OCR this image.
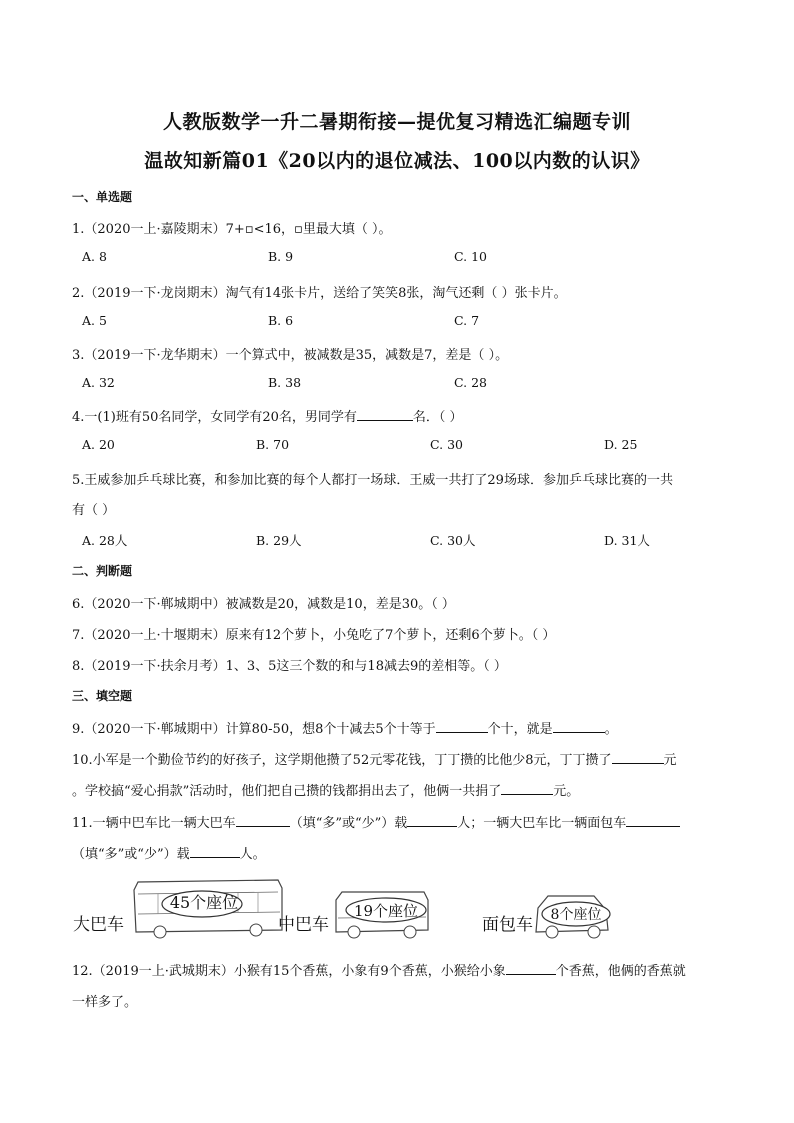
人教版数学一升二暑期衔接—提优复习精选汇编题专训
温故知新篇01《20以内的退位减法、100以内数的认识》
一、单选题
1.（2020一上·嘉陵期末）7+▫<16，▫里最大填（ ）。
A. 8	B. 9	C. 10
2.（2019一下·龙岗期末）淘气有14张卡片，送给了笑笑8张，淘气还剩（ ）张卡片。
A. 5	B. 6	C. 7
3.（2019一下·龙华期末）一个算式中，被减数是35，减数是7，差是（ ）。
A. 32	B. 38	C. 28
4.一(1)班有50名同学，女同学有20名，男同学有	名．（ ）
A. 20	B. 70	C. 30	D. 25
5.王威参加乒乓球比赛，和参加比赛的每个人都打一场球．王威一共打了29场球．参加乒乓球比赛的一共
有（ ）
A. 28人	B. 29人	C. 30人	D. 31人
二、判断题
6.（2020一下·郸城期中）被减数是20，减数是10，差是30。（ ）
7.（2020一上·十堰期末）原来有12个萝卜，小兔吃了7个萝卜，还剩6个萝卜。（ ）
8.（2019一下·扶余月考）1、3、5这三个数的和与18减去9的差相等。（ ）
三、填空题
9.（2020一下·郸城期中）计算80-50，想8个十减去5个十等于	个十，就是	。
10.小军是一个勤俭节约的好孩子，这学期他攒了52元零花钱，丁丁攒的比他少8元，丁丁攒了	元
。学校搞“爱心捐款”活动时，他们把自己攒的钱都捐出去了，他俩一共捐了	元。
11.一辆中巴车比一辆大巴车	（填“多”或“少”）载	人；一辆大巴车比一辆面包车
（填“多”或“少”）载	人。
大巴车
45个座位
中巴车
19个座位
面包车	8个座位
12.（2019一上·武城期末）小猴有15个香蕉，小象有9个香蕉，小猴给小象	个香蕉，他俩的香蕉就
一样多了。
